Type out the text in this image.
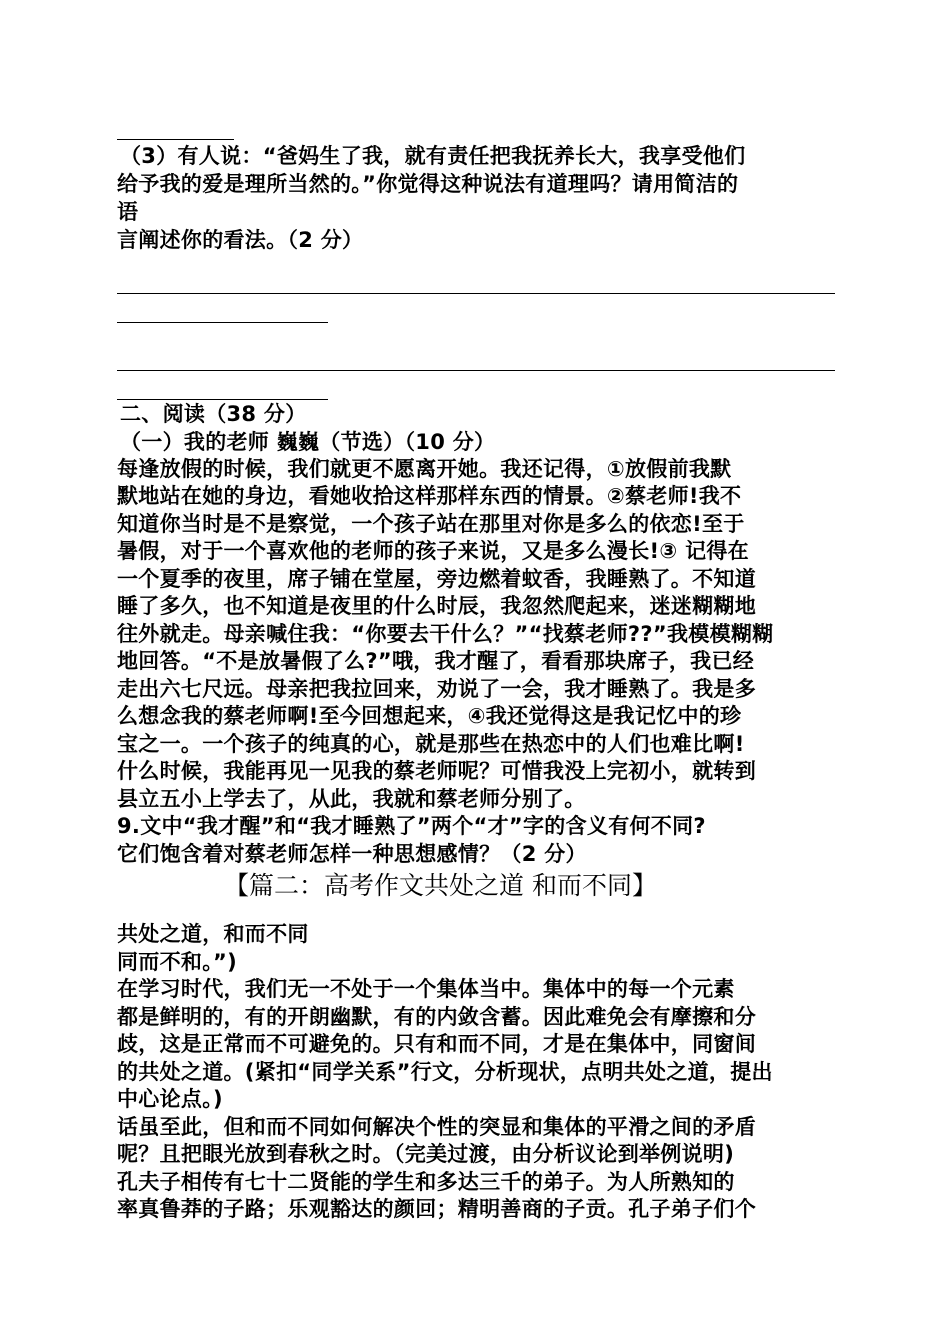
（3）有人说：“爸妈生了我，就有责任把我抚养长大，我享受他们

给予我的爱是理所当然的。”你觉得这种说法有道理吗？请用简洁的

语

言阐述你的看法。（2 分）

二、阅读（38 分）

（一）我的老师 巍巍（节选）（10 分）

每逢放假的时候，我们就更不愿离开她。我还记得，①放假前我默

默地站在她的身边，看她收拾这样那样东西的情景。②蔡老师!我不

知道你当时是不是察觉，一个孩子站在那里对你是多么的依恋!至于

暑假，对于一个喜欢他的老师的孩子来说，又是多么漫长!③ 记得在

一个夏季的夜里，席子铺在堂屋，旁边燃着蚊香，我睡熟了。不知道

睡了多久，也不知道是夜里的什么时辰，我忽然爬起来，迷迷糊糊地

往外就走。母亲喊住我：“你要去干什么？”“找蔡老师??”我模模糊糊

地回答。“不是放暑假了么?”哦，我才醒了，看看那块席子，我已经

走出六七尺远。母亲把我拉回来，劝说了一会，我才睡熟了。我是多

么想念我的蔡老师啊!至今回想起来，④我还觉得这是我记忆中的珍

宝之一。一个孩子的纯真的心，就是那些在热恋中的人们也难比啊!

什么时候，我能再见一见我的蔡老师呢？可惜我没上完初小，就转到

县立五小上学去了，从此，我就和蔡老师分别了。

9.文中“我才醒”和“我才睡熟了”两个“才”字的含义有何不同?

它们饱含着对蔡老师怎样一种思想感情？（2 分）

【篇二：高考作文共处之道 和而不同】

共处之道，和而不同

同而不和。”)

在学习时代，我们无一不处于一个集体当中。集体中的每一个元素

都是鲜明的，有的开朗幽默，有的内敛含蓄。因此难免会有摩擦和分

歧，这是正常而不可避免的。只有和而不同，才是在集体中，同窗间

的共处之道。(紧扣“同学关系”行文，分析现状，点明共处之道，提出

中心论点。)

话虽至此，但和而不同如何解决个性的突显和集体的平滑之间的矛盾

呢？且把眼光放到春秋之时。（完美过渡，由分析议论到举例说明)

孔夫子相传有七十二贤能的学生和多达三千的弟子。为人所熟知的

率真鲁莽的子路；乐观豁达的颜回；精明善商的子贡。孔子弟子们个
